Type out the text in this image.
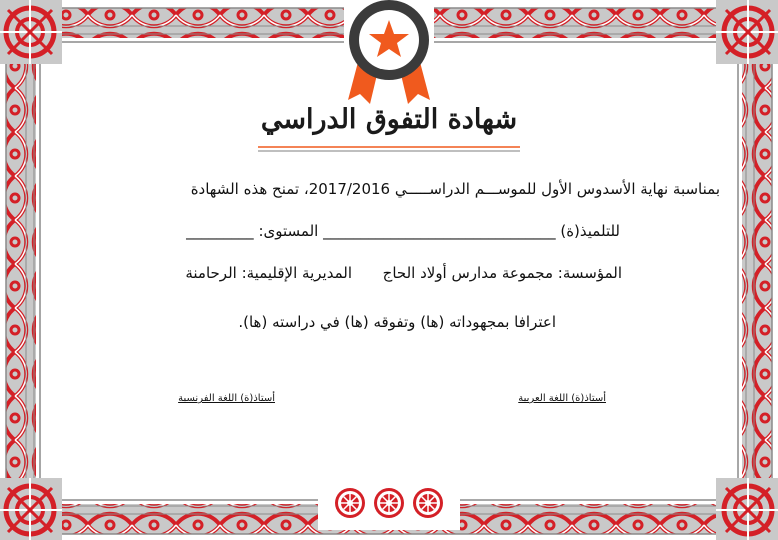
شهادة التفوق الدراسي
بمناسبة نهاية الأسدوس الأول للموســـم الدراســـــي 2017/2016، تمنح هذه الشهادة
للتلميذ(ة) _______________________________ المستوى: _________
المؤسسة: مجموعة مدارس أولاد الحاج
المديرية الإقليمية: الرحامنة
اعترافا بمجهوداته (ها) وتفوقه (ها) في دراسته (ها).
أستاذ(ة) اللغة العربية
أستاذ(ة) اللغة الفرنسية
